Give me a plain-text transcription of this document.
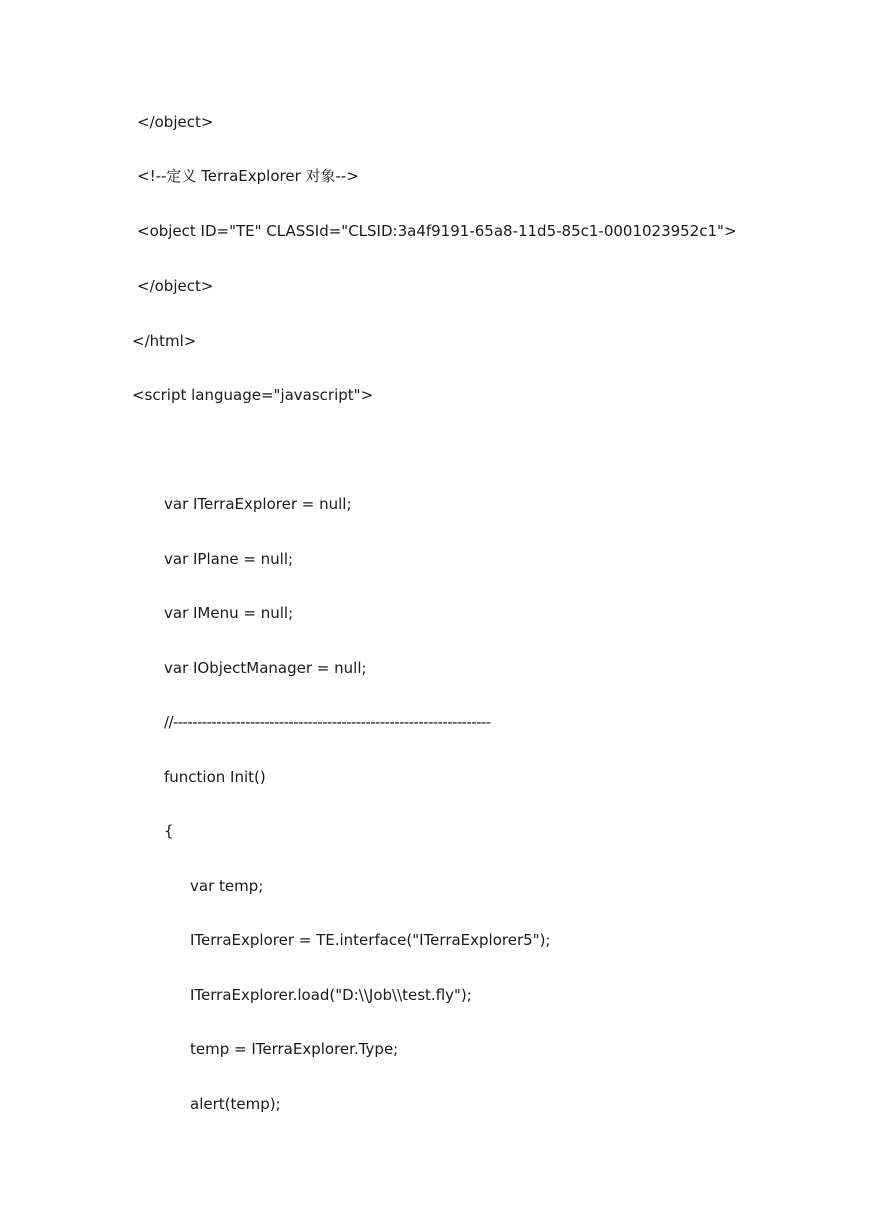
</object>
<!--定义 TerraExplorer 对象-->
<object ID="TE" CLASSId="CLSID:3a4f9191-65a8-11d5-85c1-0001023952c1">
</object>
</html>
<script language="javascript">
var ITerraExplorer = null;
var IPlane = null;
var IMenu = null;
var IObjectManager = null;
//------------------------------------------------------------------
function Init()
{
var temp;
ITerraExplorer = TE.interface("ITerraExplorer5");
ITerraExplorer.load("D:\\Job\\test.fly");
temp = ITerraExplorer.Type;
alert(temp);
